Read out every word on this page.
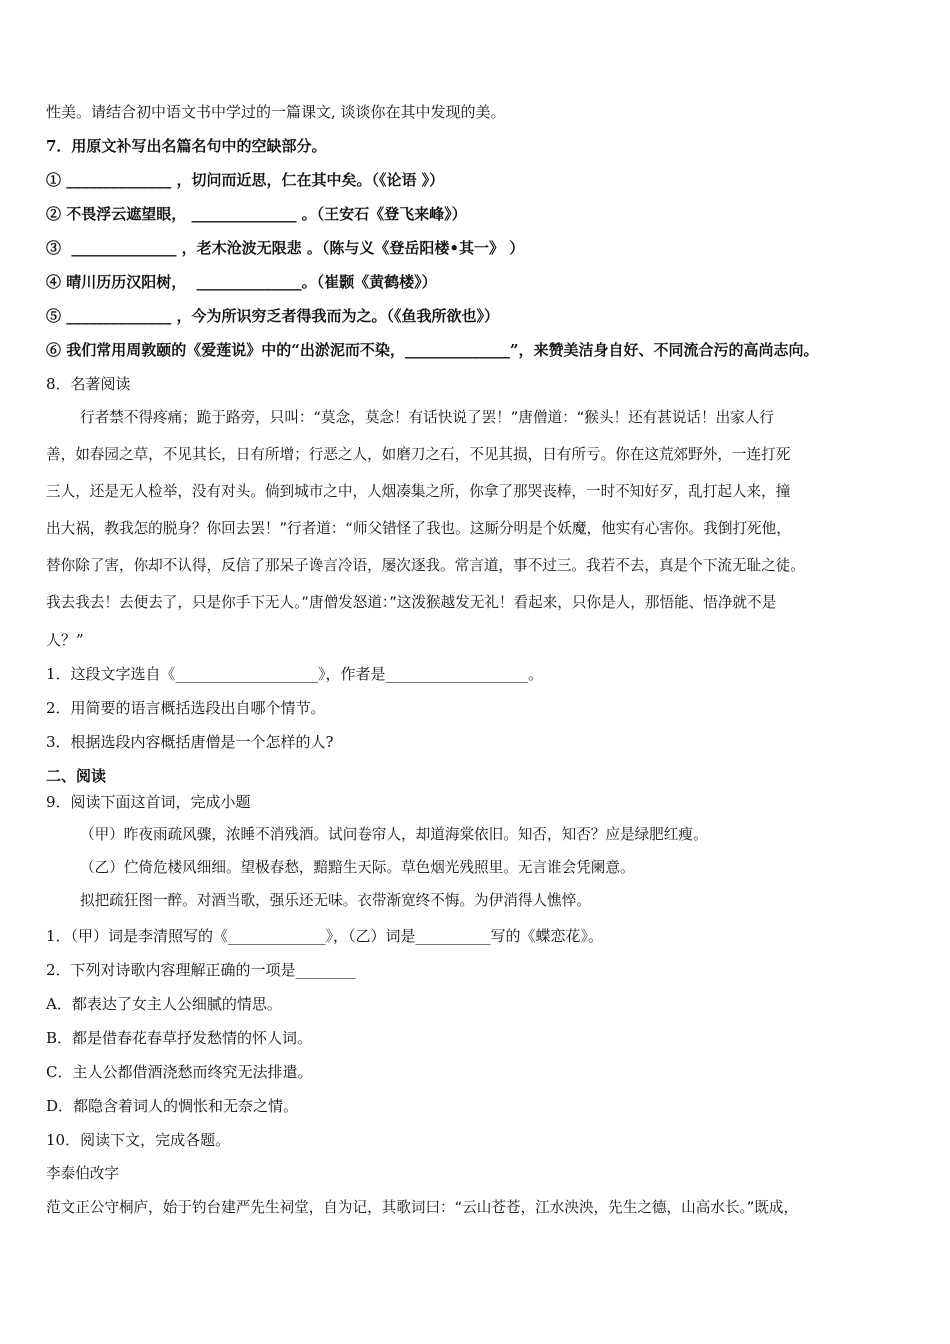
性美。请结合初中语文书中学过的一篇课文, 谈谈你在其中发现的美。
7．用原文补写出名篇名句中的空缺部分。
① ______________ ，切问而近思，仁在其中矣。（《论语 》）
② 不畏浮云遮望眼， ______________ 。（王安石《登飞来峰》）
③  ______________ ，老木沧波无限悲 。（陈与义《登岳阳楼•其一》 ）
④ 晴川历历汉阳树，  ______________。（崔颢《黄鹤楼》）
⑤ ______________ ，今为所识穷乏者得我而为之。（《鱼我所欲也》）
⑥ 我们常用周敦颐的《爱莲说》中的“出淤泥而不染，______________”，来赞美洁身自好、不同流合污的高尚志向。
8．名著阅读
行者禁不得疼痛；跪于路旁，只叫：“莫念，莫念！有话快说了罢！”唐僧道：“猴头！还有甚说话！出家人行
善，如春园之草，不见其长，日有所增；行恶之人，如磨刀之石，不见其损，日有所亏。你在这荒郊野外，一连打死
三人，还是无人检举，没有对头。倘到城市之中，人烟凑集之所，你拿了那哭丧棒，一时不知好歹，乱打起人来，撞
出大祸，教我怎的脱身？你回去罢！”行者道：“师父错怪了我也。这厮分明是个妖魔，他实有心害你。我倒打死他，
替你除了害，你却不认得，反信了那呆子谗言冷语，屡次逐我。常言道，事不过三。我若不去，真是个下流无耻之徒。
我去我去！去便去了，只是你手下无人。”唐僧发怒道：”这泼猴越发无礼！看起来，只你是人，那悟能、悟净就不是
人？”
1．这段文字选自《___________________》，作者是___________________。
2．用简要的语言概括选段出自哪个情节。
3．根据选段内容概括唐僧是一个怎样的人?
二、阅读
9．阅读下面这首词，完成小题
（甲）昨夜雨疏风骤，浓睡不消残酒。试问卷帘人，却道海棠依旧。知否，知否？应是绿肥红瘦。
（乙）伫倚危楼风细细。望极春愁，黯黯生天际。草色烟光残照里。无言谁会凭阑意。
拟把疏狂图一醉。对酒当歌，强乐还无味。衣带渐宽终不悔。为伊消得人憔悴。
1．（甲）词是李清照写的《_____________》，（乙）词是__________写的《蝶恋花》。
2．下列对诗歌内容理解正确的一项是________
A．都表达了女主人公细腻的情思。
B．都是借春花春草抒发愁情的怀人词。
C．主人公都借酒浇愁而终究无法排遣。
D．都隐含着词人的惆怅和无奈之情。
10．阅读下文，完成各题。
李泰伯改字
范文正公守桐庐，始于钓台建严先生祠堂，自为记，其歌词曰：“云山苍苍，江水泱泱，先生之德，山高水长。”既成，
